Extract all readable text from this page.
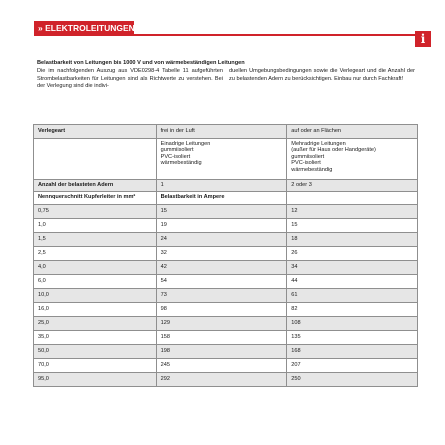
» ELEKTROLEITUNGEN
i
Belastbarkeit von Leitungen bis 1000 V und von wärmebeständigen Leitungen
Die im nachfolgenden Auszug aus VDE0298-4 Tabelle 11 aufgeführten Strombelastbarkeiten für Leitungen sind als Richtwerte zu verstehen. Bei der Verlegung sind die indivi-
duellen Umgebungsbedingungen sowie die Verlegeart und die Anzahl der zu belastenden Adern zu berücksichtigen. Einbau nur durch Fachkraft!
Verlegeart	frei in der Luft	auf oder an Flächen
	Einadrige Leitungen
gummiisoliert
PVC-isoliert
wärmebeständig	Mehradrige Leitungen
(außer für Haus oder Handgeräte)
gummiisoliert
PVC-isoliert
wärmebeständig
Anzahl der belasteten Adern	1	2 oder 3
Nennquerschnitt Kupferleiter in mm²	Belastbarkeit in Ampere	
0,75	15	12
1,0	19	15
1,5	24	18
2,5	32	26
4,0	42	34
6,0	54	44
10,0	73	61
16,0	98	82
25,0	129	108
35,0	158	135
50,0	198	168
70,0	245	207
95,0	292	250
